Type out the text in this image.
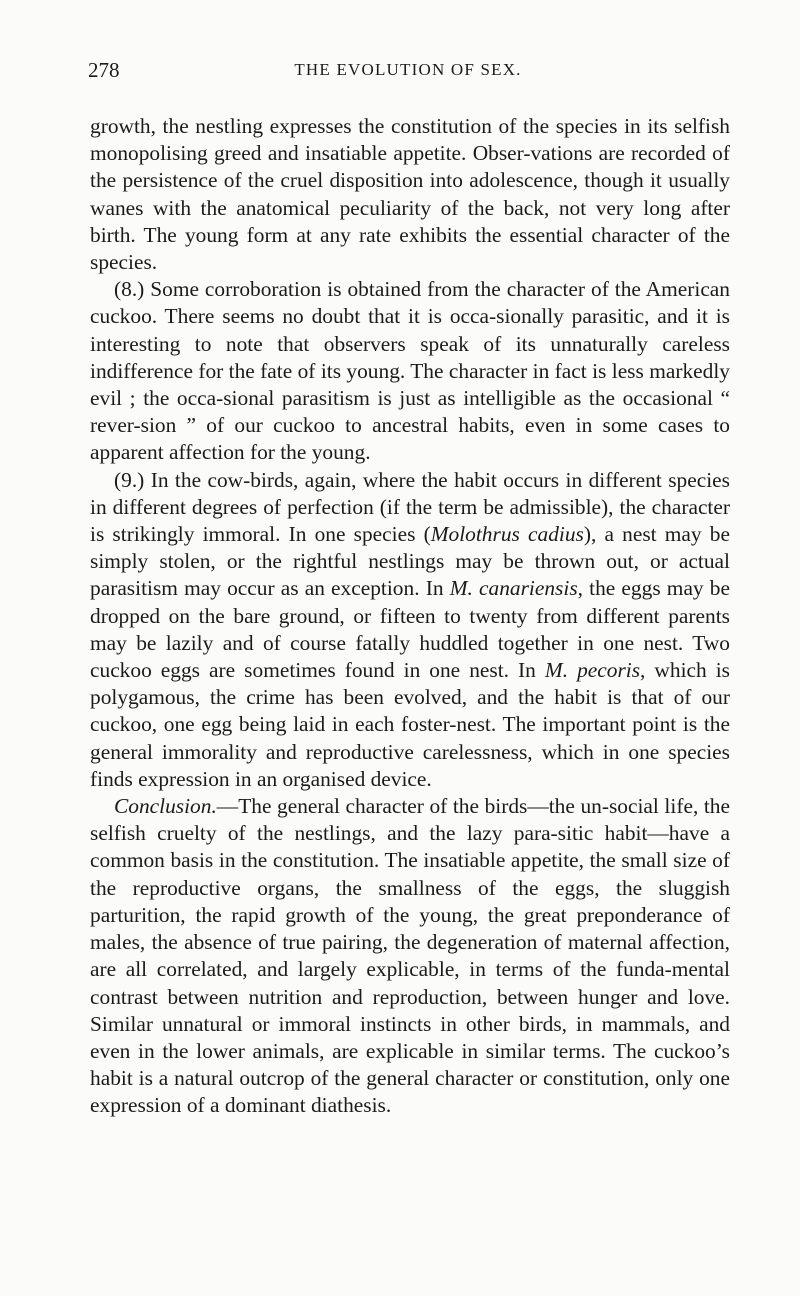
278	THE EVOLUTION OF SEX.

growth, the nestling expresses the constitution of the species in its selfish monopolising greed and insatiable appetite. Obser-vations are recorded of the persistence of the cruel disposition into adolescence, though it usually wanes with the anatomical peculiarity of the back, not very long after birth. The young form at any rate exhibits the essential character of the species.

(8.) Some corroboration is obtained from the character of the American cuckoo. There seems no doubt that it is occa-sionally parasitic, and it is interesting to note that observers speak of its unnaturally careless indifference for the fate of its young. The character in fact is less markedly evil ; the occa-sional parasitism is just as intelligible as the occasional “ rever-sion ” of our cuckoo to ancestral habits, even in some cases to apparent affection for the young.

(9.) In the cow-birds, again, where the habit occurs in different species in different degrees of perfection (if the term be admissible), the character is strikingly immoral. In one species (Molothrus cadius), a nest may be simply stolen, or the rightful nestlings may be thrown out, or actual parasitism may occur as an exception. In M. canariensis, the eggs may be dropped on the bare ground, or fifteen to twenty from different parents may be lazily and of course fatally huddled together in one nest. Two cuckoo eggs are sometimes found in one nest. In M. pecoris, which is polygamous, the crime has been evolved, and the habit is that of our cuckoo, one egg being laid in each foster-nest. The important point is the general immorality and reproductive carelessness, which in one species finds expression in an organised device.

Conclusion.—The general character of the birds—the un-social life, the selfish cruelty of the nestlings, and the lazy para-sitic habit—have a common basis in the constitution. The insatiable appetite, the small size of the reproductive organs, the smallness of the eggs, the sluggish parturition, the rapid growth of the young, the great preponderance of males, the absence of true pairing, the degeneration of maternal affection, are all correlated, and largely explicable, in terms of the funda-mental contrast between nutrition and reproduction, between hunger and love. Similar unnatural or immoral instincts in other birds, in mammals, and even in the lower animals, are explicable in similar terms. The cuckoo’s habit is a natural outcrop of the general character or constitution, only one expression of a dominant diathesis.
